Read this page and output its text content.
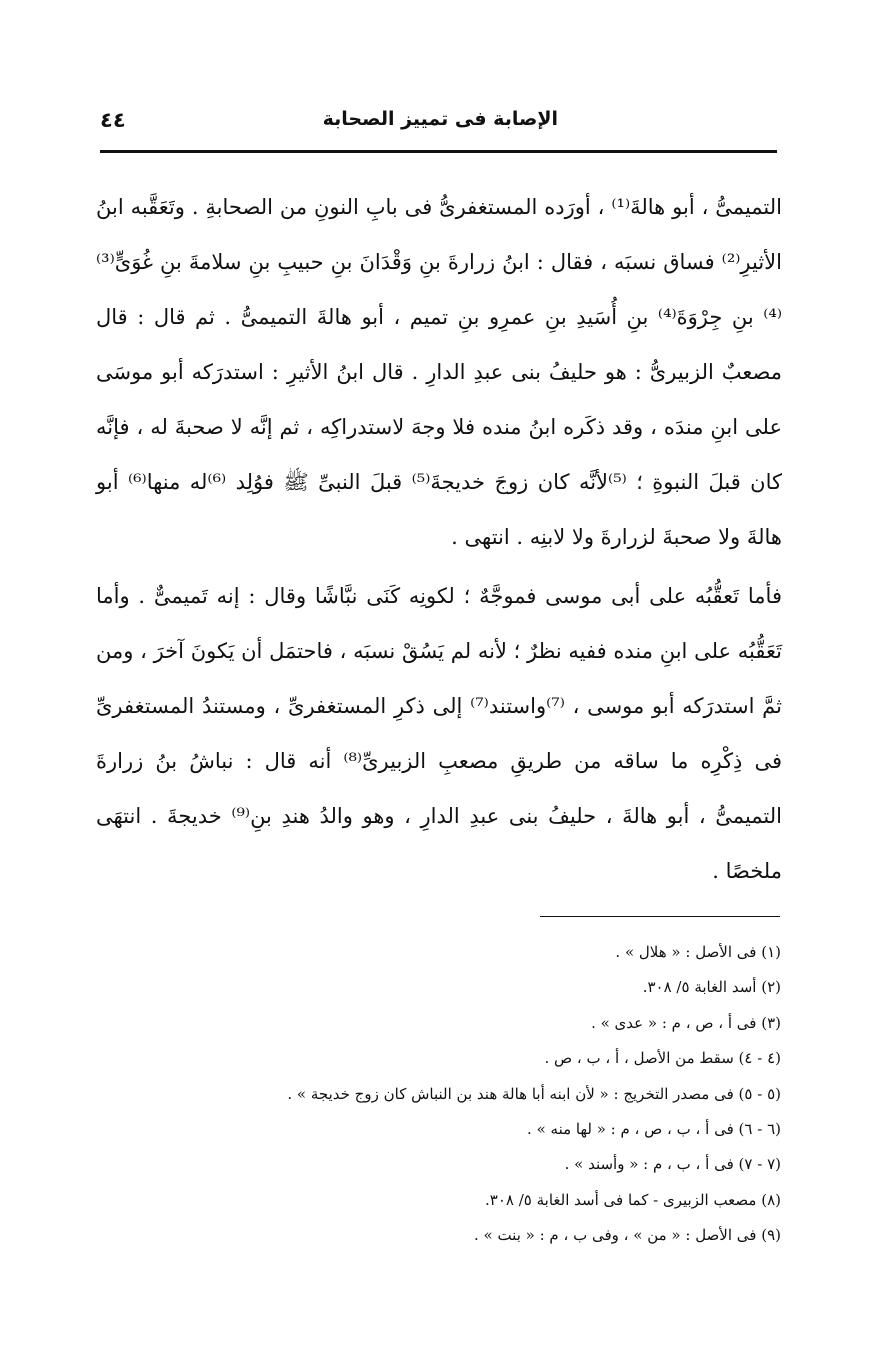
الإصابة فى تمييز الصحابة
٤٤

التميمىُّ ، أبو هالةَ⁽¹⁾ ، أورَده المستغفرىُّ فى بابِ النونِ من الصحابةِ . وتَعَقَّبه ابنُ الأثيرِ⁽²⁾ فساق نسبَه ، فقال : ابنُ زرارةَ بنِ وَقْدَانَ بنِ حبيبِ بنِ سلامةَ بنِ غُوَىٍّ⁽³⁾ ⁽⁴⁾ بنِ جِرْوَةَ⁽⁴⁾ بنِ أُسَيدِ بنِ عمرِو بنِ تميم ، أبو هالةَ التميمىُّ . ثم قال : قال مصعبٌ الزبيرىُّ : هو حليفُ بنى عبدِ الدارِ . قال ابنُ الأثيرِ : استدرَكه أبو موسَى على ابنِ مندَه ، وقد ذكَره ابنُ منده فلا وجهَ لاستدراكِه ، ثم إنَّه لا صحبةَ له ، فإنَّه كان قبلَ النبوةِ ؛ ⁽⁵⁾لأنَّه كان زوجَ خديجةَ⁽⁵⁾ قبلَ النبىِّ ﷺ فوُلِد ⁽⁶⁾له منها⁽⁶⁾ أبو هالةَ ولا صحبةَ لزرارةَ ولا لابنِه . انتهى .

فأما تَعقُّبُه على أبى موسى فموجَّهٌ ؛ لكونِه كَنَى نبَّاشًا وقال : إنه تَميمىٌّ . وأما تَعَقُّبُه على ابنِ منده ففيه نظرٌ ؛ لأنه لم يَسُقْ نسبَه ، فاحتمَل أن يَكونَ آخرَ ، ومن ثمَّ استدرَكه أبو موسى ، ⁽⁷⁾واستند⁽⁷⁾ إلى ذكرِ المستغفرىِّ ، ومستندُ المستغفرىِّ فى ذِكْرِه ما ساقه من طريقِ مصعبِ الزبيرىِّ⁽⁸⁾ أنه قال : نباشُ بنُ زرارةَ التميمىُّ ، أبو هالةَ ، حليفُ بنى عبدِ الدارِ ، وهو والدُ هندِ بنِ⁽⁹⁾ خديجةَ . انتهَى ملخصًا .

(١) فى الأصل : « هلال » .
(٢) أسد الغابة ٥/ ٣٠٨.
(٣) فى أ ، ص ، م : « عدى » .
(٤ - ٤) سقط من الأصل ، أ ، ب ، ص .
(٥ - ٥) فى مصدر التخريج : « لأن ابنه أبا هالة هند بن النباش كان زوج خديجة » .
(٦ - ٦) فى أ ، ب ، ص ، م : « لها منه » .
(٧ - ٧) فى أ ، ب ، م : « وأسند » .
(٨) مصعب الزبيرى - كما فى أسد الغابة ٥/ ٣٠٨.
(٩) فى الأصل : « من » ، وفى ب ، م : « بنت » .
